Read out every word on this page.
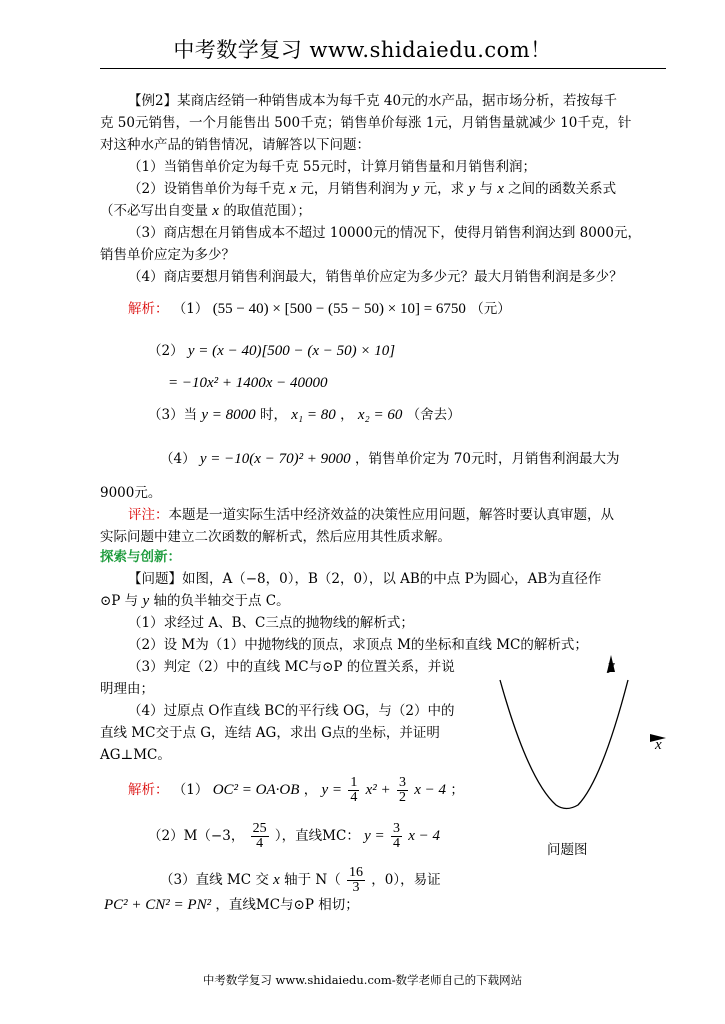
中考数学复习 www.shidaiedu.com！
【例2】某商店经销一种销售成本为每千克 40元的水产品，据市场分析，若按每千
克 50元销售，一个月能售出 500千克；销售单价每涨 1元，月销售量就减少 10千克，针
对这种水产品的销售情况，请解答以下问题：
（1）当销售单价定为每千克 55元时，计算月销售量和月销售利润；
（2）设销售单价为每千克 x 元，月销售利润为 y 元，求 y 与 x 之间的函数关系式
（不必写出自变量 x 的取值范围）；
（3）商店想在月销售成本不超过 10000元的情况下，使得月销售利润达到 8000元，
销售单价应定为多少？
（4）商店要想月销售利润最大，销售单价应定为多少元？最大月销售利润是多少？
解析： （1） (55 − 40) × [500 − (55 − 50) × 10] = 6750 （元）
（2） y = (x − 40)[500 − (x − 50) × 10]
= −10x² + 1400x − 40000
（3）当 y = 8000 时， x₁ = 80 ， x₂ = 60 （舍去）
（4） y = −10(x − 70)² + 9000 ，销售单价定为 70元时，月销售利润最大为
9000元。
评注：本题是一道实际生活中经济效益的决策性应用问题，解答时要认真审题，从
实际问题中建立二次函数的解析式，然后应用其性质求解。
探索与创新：
【问题】如图，A（−8，0），B（2，0），以 AB的中点 P为圆心，AB为直径作
⊙P 与 y 轴的负半轴交于点 C。
（1）求经过 A、B、C三点的抛物线的解析式；
（2）设 M为（1）中抛物线的顶点，求顶点 M的坐标和直线 MC的解析式；
（3）判定（2）中的直线 MC与⊙P 的位置关系，并说
明理由；
（4）过原点 O作直线 BC的平行线 OG，与（2）中的
直线 MC交于点 G，连结 AG，求出 G点的坐标，并证明
AG⊥MC。
y
x
问题图
解析： （1） OC² = OA·OB ， $y = \frac{1}{4} x^2 + \frac{3}{2}$ x − 4 ；
（2）M（−3， $\frac{25}{4}$ ），直线MC： $y = \frac{3}{4}$ x − 4
（3）直线 MC 交 x 轴于 $N( \frac{16}{3}$ ，0），易证
PC² + CN² = PN² ，直线MC与⊙P 相切；
中考数学复习 www.shidaiedu.com-数学老师自己的下载网站
